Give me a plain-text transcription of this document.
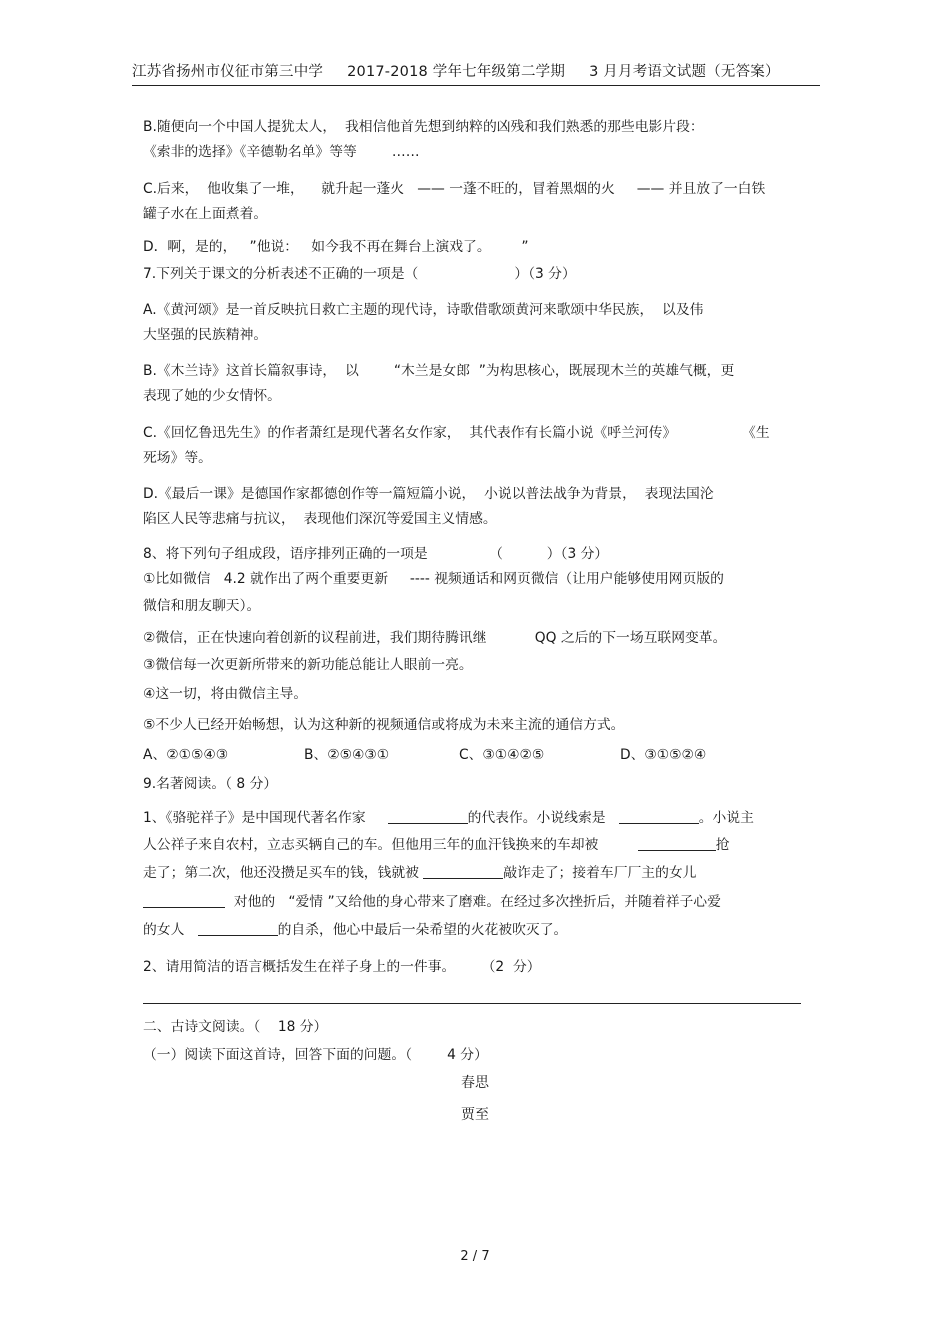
江苏省扬州市仪征市第三中学 2017-2018 学年七年级第二学期 3 月月考语文试题（无答案）
B.随便向一个中国人提犹太人，  我相信他首先想到纳粹的凶残和我们熟悉的那些电影片段：
《索非的选择》《辛德勒名单》等等        ……
C.后来，  他收集了一堆，    就升起一蓬火   —— 一蓬不旺的，冒着黑烟的火     —— 并且放了一白铁
罐子水在上面煮着。
D．啊，是的，   ”他说：   如今我不再在舞台上演戏了。       ”
7.下列关于课文的分析表述不正确的一项是（	）（3 分）
A.《黄河颂》是一首反映抗日救亡主题的现代诗，诗歌借歌颂黄河来歌颂中华民族，  以及伟
大坚强的民族精神。
B.《木兰诗》这首长篇叙事诗，  以        “木兰是女郎  ”为构思核心，既展现木兰的英雄气概，更
表现了她的少女情怀。
C.《回忆鲁迅先生》的作者萧红是现代著名女作家，  其代表作有长篇小说《呼兰河传》               《生
死场》等。
D.《最后一课》是德国作家都德创作等一篇短篇小说，  小说以普法战争为背景，  表现法国沦
陷区人民等悲痛与抗议，  表现他们深沉等爱国主义情感。
8、将下列句子组成段，语序排列正确的一项是              （          ）（3 分）
①比如微信   4.2 就作出了两个重要更新     ---- 视频通话和网页微信（让用户能够使用网页版的
微信和朋友聊天）。
②微信，正在快速向着创新的议程前进，我们期待腾讯继           QQ 之后的下一场互联网变革。
③微信每一次更新所带来的新功能总能让人眼前一亮。
④这一切，将由微信主导。
⑤不少人已经开始畅想，认为这种新的视频通信或将成为未来主流的通信方式。
A、②①⑤④③	B、②⑤④③①	C、③①④②⑤	D、③①⑤②④
9.名著阅读。（ 8 分）
1、《骆驼祥子》是中国现代著名作家	的代表作。小说线索是	。小说主
人公祥子来自农村，立志买辆自己的车。但他用三年的血汗钱换来的车却被	抢
走了；第二次，他还没攒足买车的钱，钱就被	敲诈走了；接着车厂厂主的女儿
对他的   “爱情 ”又给他的身心带来了磨难。在经过多次挫折后，并随着祥子心爱
的女人	的自杀，他心中最后一朵希望的火花被吹灭了。
2、请用简洁的语言概括发生在祥子身上的一件事。      （2  分）
二、古诗文阅读。（    18 分）
（一）阅读下面这首诗，回答下面的问题。（        4 分）
春思
贾至
2 / 7
